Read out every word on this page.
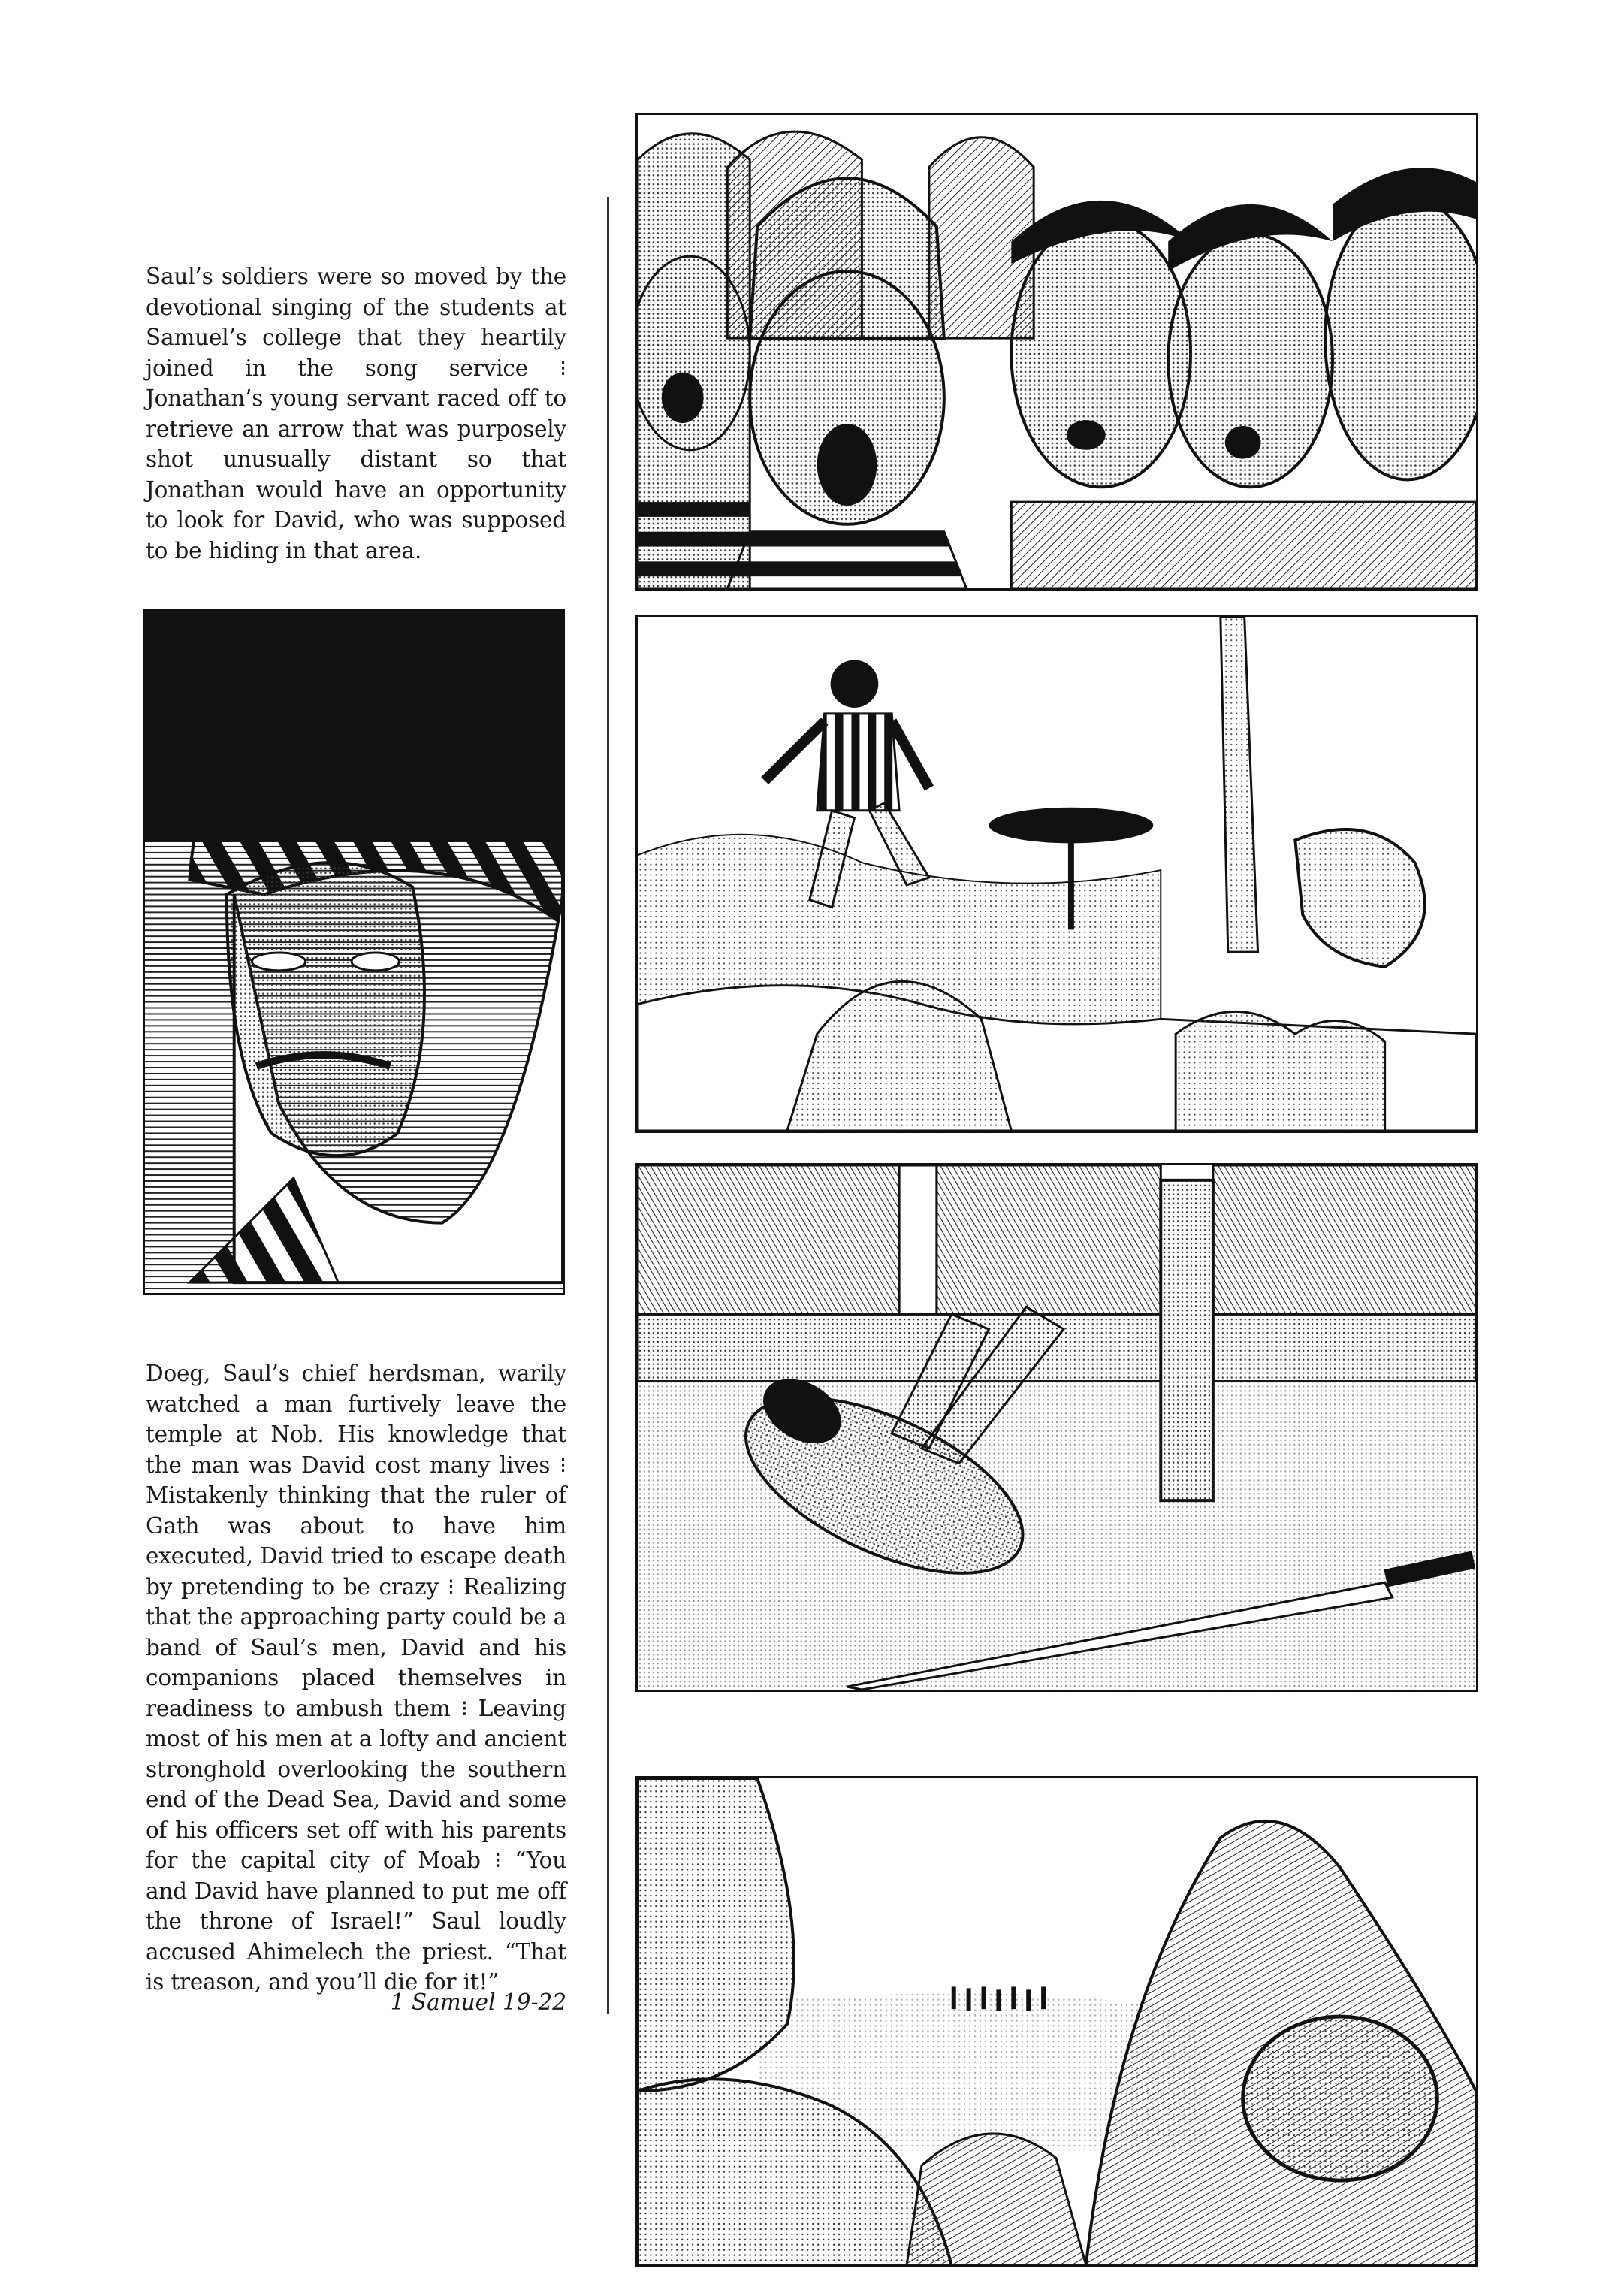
Saul’s soldiers were so moved by the devotional singing of the students at Samuel’s college that they heartily joined in the song service ⁝ Jonathan’s young servant raced off to retrieve an arrow that was purposely shot unusually distant so that Jonathan would have an opportunity to look for David, who was supposed to be hiding in that area.
Doeg, Saul’s chief herdsman, warily watched a man furtively leave the temple at Nob. His knowledge that the man was David cost many lives ⁝ Mistakenly thinking that the ruler of Gath was about to have him executed, David tried to escape death by pretending to be crazy ⁝ Realizing that the approaching party could be a band of Saul’s men, David and his companions placed themselves in readiness to ambush them ⁝ Leaving most of his men at a lofty and ancient stronghold overlooking the southern end of the Dead Sea, David and some of his officers set off with his parents for the capital city of Moab ⁝ “You and David have planned to put me off the throne of Israel!” Saul loudly accused Ahimelech the priest. “That is treason, and you’ll die for it!”
1 Samuel 19-22
